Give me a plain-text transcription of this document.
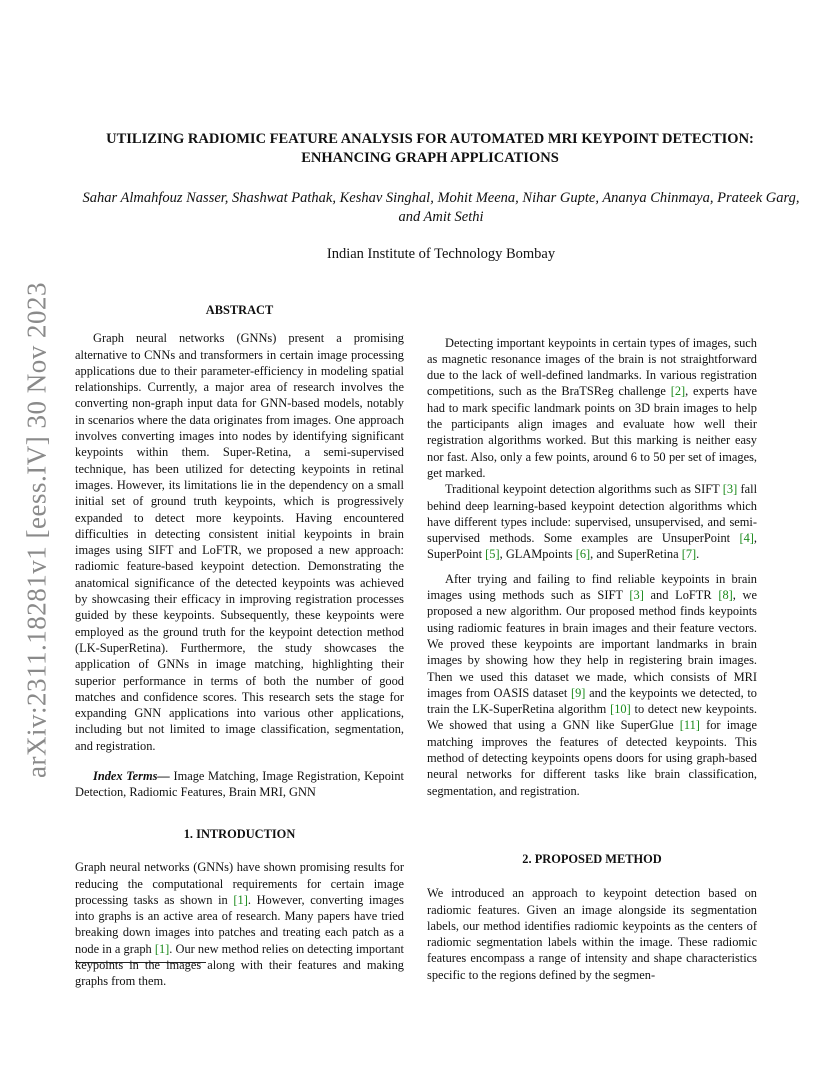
arXiv:2311.18281v1 [eess.IV] 30 Nov 2023
UTILIZING RADIOMIC FEATURE ANALYSIS FOR AUTOMATED MRI KEYPOINT DETECTION: ENHANCING GRAPH APPLICATIONS
Sahar Almahfouz Nasser, Shashwat Pathak, Keshav Singhal, Mohit Meena, Nihar Gupte, Ananya Chinmaya, Prateek Garg, and Amit Sethi
Indian Institute of Technology Bombay
ABSTRACT

Graph neural networks (GNNs) present a promising alternative to CNNs and transformers in certain image processing applications due to their parameter-efficiency in modeling spatial relationships. Currently, a major area of research involves the converting non-graph input data for GNN-based models, notably in scenarios where the data originates from images. One approach involves converting images into nodes by identifying significant keypoints within them. Super-Retina, a semi-supervised technique, has been utilized for detecting keypoints in retinal images. However, its limitations lie in the dependency on a small initial set of ground truth keypoints, which is progressively expanded to detect more keypoints. Having encountered difficulties in detecting consistent initial keypoints in brain images using SIFT and LoFTR, we proposed a new approach: radiomic feature-based keypoint detection. Demonstrating the anatomical significance of the detected keypoints was achieved by showcasing their efficacy in improving registration processes guided by these keypoints. Subsequently, these keypoints were employed as the ground truth for the keypoint detection method (LK-SuperRetina). Furthermore, the study showcases the application of GNNs in image matching, highlighting their superior performance in terms of both the number of good matches and confidence scores. This research sets the stage for expanding GNN applications into various other applications, including but not limited to image classification, segmentation, and registration.

Index Terms— Image Matching, Image Registration, Kepoint Detection, Radiomic Features, Brain MRI, GNN

1. INTRODUCTION

Graph neural networks (GNNs) have shown promising results for reducing the computational requirements for certain image processing tasks as shown in [1]. However, converting images into graphs is an active area of research. Many papers have tried breaking down images into patches and treating each patch as a node in a graph [1]. Our new method relies on detecting important keypoints in the images along with their features and making graphs from them.

Detecting important keypoints in certain types of images, such as magnetic resonance images of the brain is not straightforward due to the lack of well-defined landmarks. In various registration competitions, such as the BraTSReg challenge [2], experts have had to mark specific landmark points on 3D brain images to help the participants align images and evaluate how well their registration algorithms worked. But this marking is neither easy nor fast. Also, only a few points, around 6 to 50 per set of images, get marked.

Traditional keypoint detection algorithms such as SIFT [3] fall behind deep learning-based keypoint detection algorithms which have different types include: supervised, unsupervised, and semi-supervised methods. Some examples are UnsuperPoint [4], SuperPoint [5], GLAMpoints [6], and SuperRetina [7].

After trying and failing to find reliable keypoints in brain images using methods such as SIFT [3] and LoFTR [8], we proposed a new algorithm. Our proposed method finds keypoints using radiomic features in brain images and their feature vectors. We proved these keypoints are important landmarks in brain images by showing how they help in registering brain images. Then we used this dataset we made, which consists of MRI images from OASIS dataset [9] and the keypoints we detected, to train the LK-SuperRetina algorithm [10] to detect new keypoints. We showed that using a GNN like SuperGlue [11] for image matching improves the features of detected keypoints. This method of detecting keypoints opens doors for using graph-based neural networks for different tasks like brain classification, segmentation, and registration.

2. PROPOSED METHOD

We introduced an approach to keypoint detection based on radiomic features. Given an image alongside its segmentation labels, our method identifies radiomic keypoints as the centers of radiomic segmentation labels within the image. These radiomic features encompass a range of intensity and shape characteristics specific to the regions defined by the segmen-
